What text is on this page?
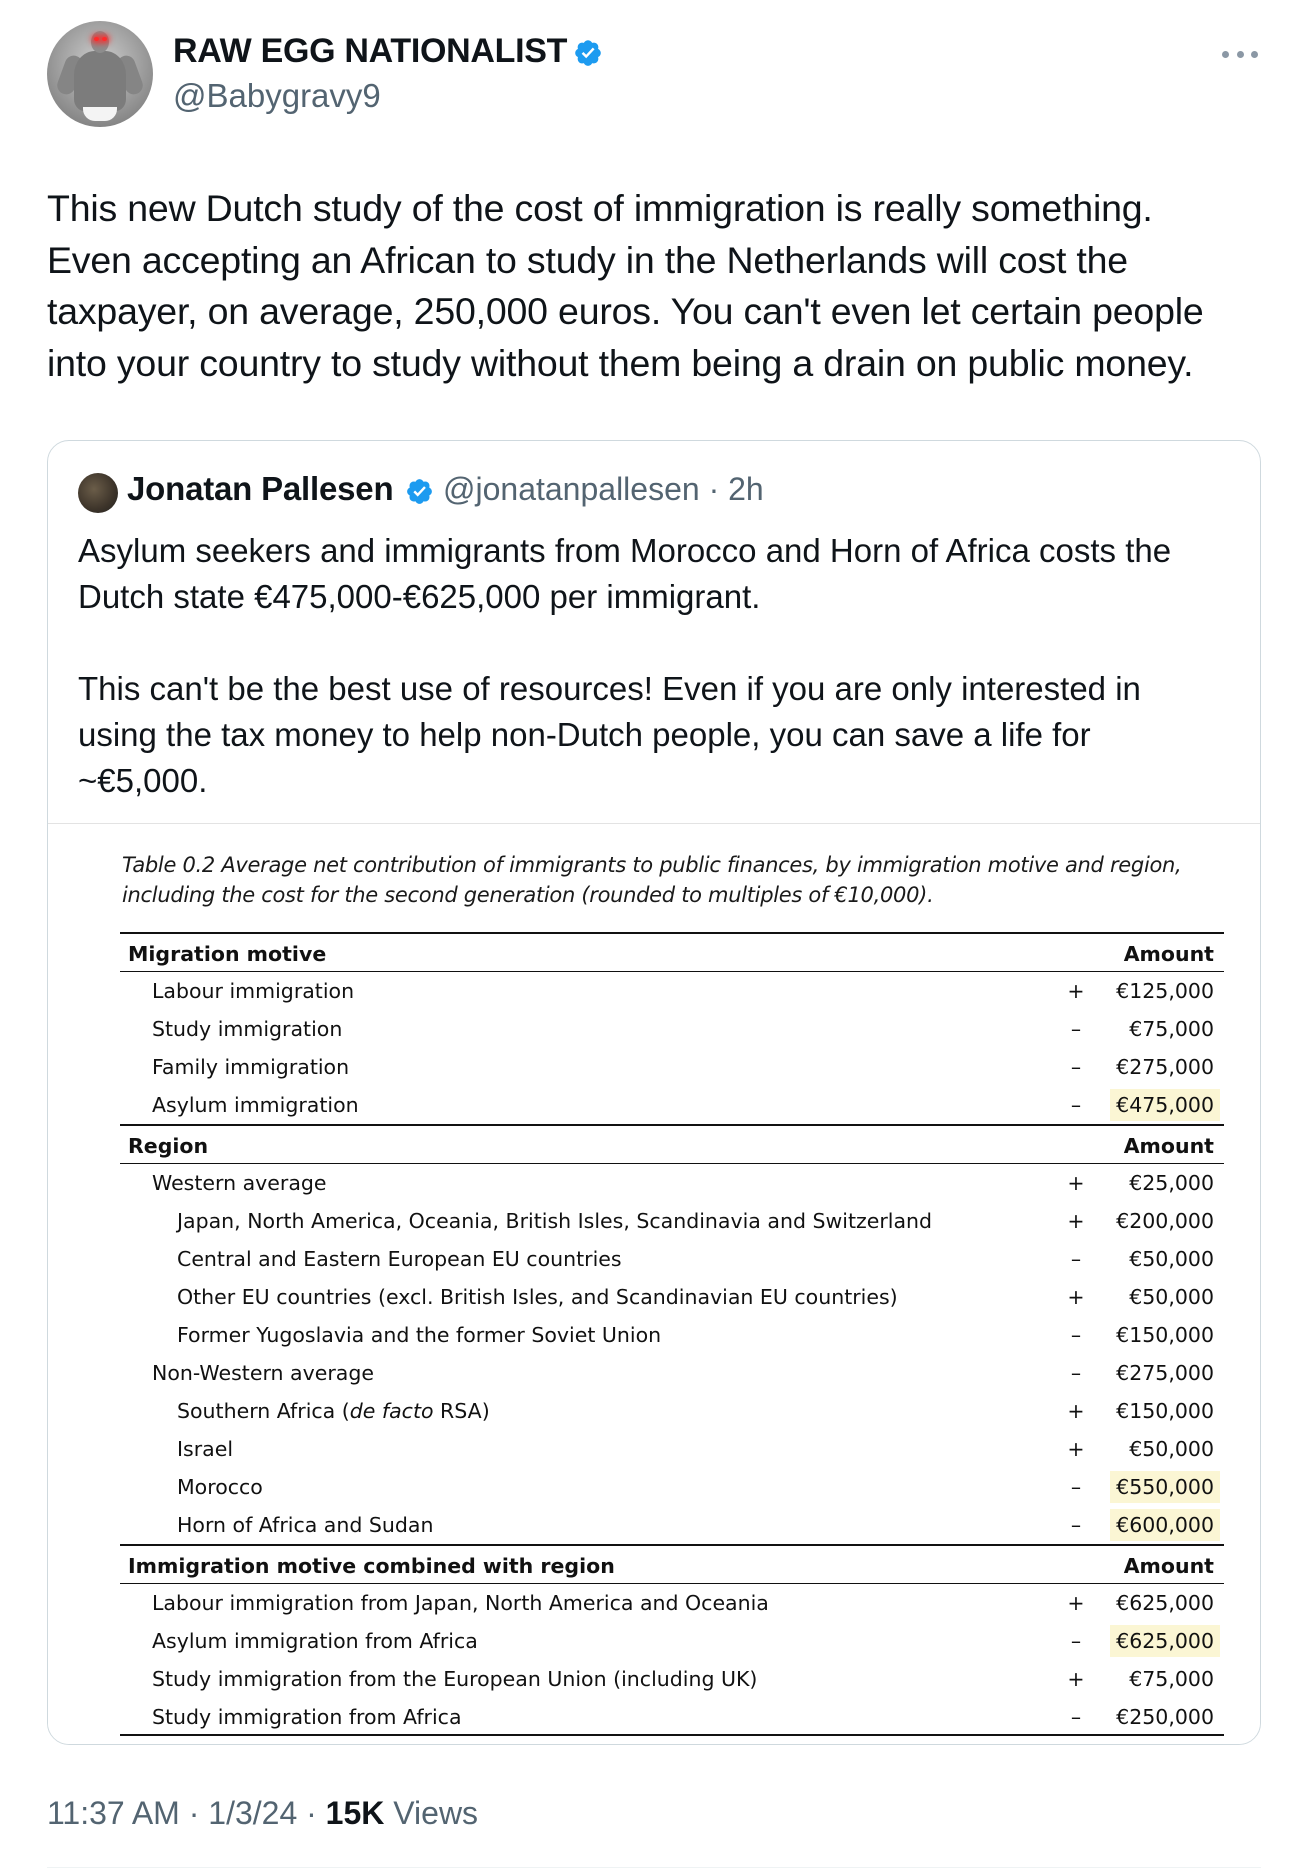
RAW EGG NATIONALIST
@Babygravy9
This new Dutch study of the cost of immigration is really something.
Even accepting an African to study in the Netherlands will cost the
taxpayer, on average, 250,000 euros. You can't even let certain people
into your country to study without them being a drain on public money.
Jonatan Pallesen @jonatanpallesen · 2h
Asylum seekers and immigrants from Morocco and Horn of Africa costs the
Dutch state €475,000-€625,000 per immigrant.

This can't be the best use of resources! Even if you are only interested in
using the tax money to help non-Dutch people, you can save a life for
~€5,000.
Table 0.2 Average net contribution of immigrants to public finances, by immigration motive and region, including the cost for the second generation (rounded to multiples of €10,000).
Migration motive	Amount
Labour immigration	+ €125,000
Study immigration	– €75,000
Family immigration	– €275,000
Asylum immigration	– €475,000
Region	Amount
Western average	+ €25,000
Japan, North America, Oceania, British Isles, Scandinavia and Switzerland	+ €200,000
Central and Eastern European EU countries	– €50,000
Other EU countries (excl. British Isles, and Scandinavian EU countries)	+ €50,000
Former Yugoslavia and the former Soviet Union	– €150,000
Non-Western average	– €275,000
Southern Africa (de facto RSA)	+ €150,000
Israel	+ €50,000
Morocco	– €550,000
Horn of Africa and Sudan	– €600,000
Immigration motive combined with region	Amount
Labour immigration from Japan, North America and Oceania	+ €625,000
Asylum immigration from Africa	– €625,000
Study immigration from the European Union (including UK)	+ €75,000
Study immigration from Africa	– €250,000
11:37 AM · 1/3/24 · 15K Views
